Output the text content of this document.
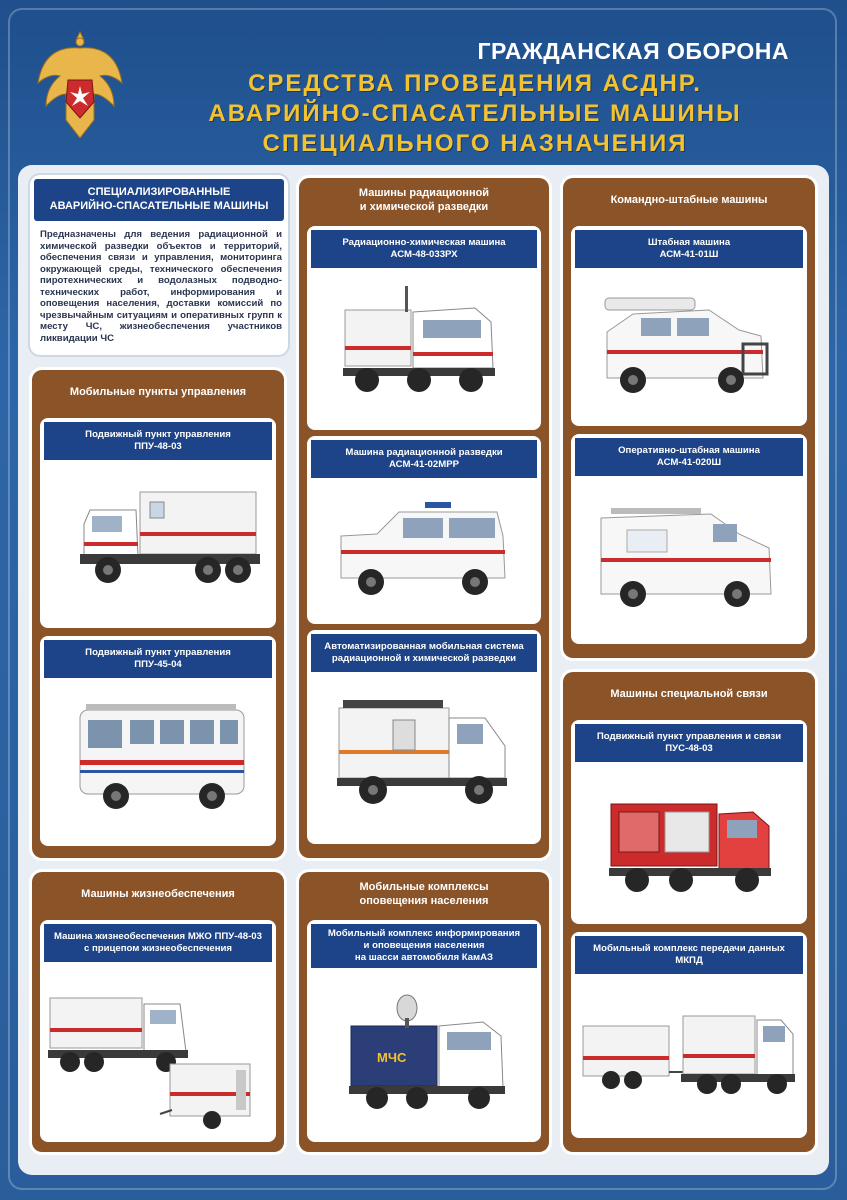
ГРАЖДАНСКАЯ ОБОРОНА
СРЕДСТВА ПРОВЕДЕНИЯ АСДНР.
АВАРИЙНО-СПАСАТЕЛЬНЫЕ МАШИНЫ
СПЕЦИАЛЬНОГО НАЗНАЧЕНИЯ
СПЕЦИАЛИЗИРОВАННЫЕ
АВАРИЙНО-СПАСАТЕЛЬНЫЕ МАШИНЫ
Предназначены для ведения радиационной и химической разведки объектов и территорий, обеспечения связи и управления, мониторинга окружающей среды, технического обеспечения пиротехнических и водолазных подводно-технических работ, информирования и оповещения населения, доставки комиссий по чрезвычайным ситуациям и оперативных групп к месту ЧС, жизнеобеспечения участников ликвидации ЧС
Мобильные пункты управления
Подвижный пункт управления
ППУ-48-03
Подвижный пункт управления
ППУ-45-04
Машины жизнеобеспечения
Машина жизнеобеспечения МЖО ППУ-48-03
с прицепом жизнеобеспечения
Машины радиационной
и химической разведки
Радиационно-химическая машина
АСМ-48-033РХ
Машина радиационной разведки
АСМ-41-02МРР
Автоматизированная мобильная система
радиационной и химической разведки
Мобильные комплексы
оповещения населения
Мобильный комплекс информирования
и оповещения населения
на шасси автомобиля КамАЗ
МЧС
Командно-штабные машины
Штабная машина
АСМ-41-01Ш
Оперативно-штабная машина
АСМ-41-020Ш
Машины специальной связи
Подвижный пункт управления и связи
ПУС-48-03
Мобильный комплекс передачи данных
МКПД
